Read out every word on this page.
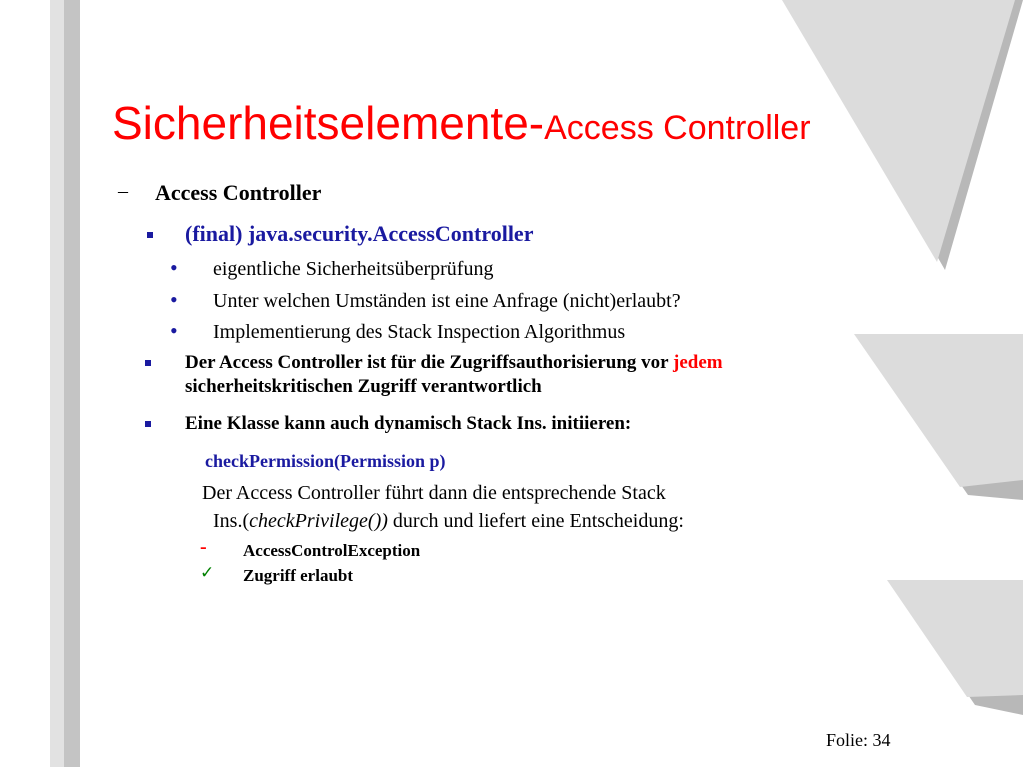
Sicherheitselemente-Access Controller
– Access Controller
(final) java.security.AccessController
• eigentliche Sicherheitsüberprüfung
• Unter welchen Umständen ist eine Anfrage (nicht)erlaubt?
• Implementierung des Stack Inspection Algorithmus
Der Access Controller ist für die Zugriffsauthorisierung vor jedem
sicherheitskritischen Zugriff verantwortlich
Eine Klasse kann auch dynamisch Stack Ins. initiieren:
checkPermission(Permission p)
Der Access Controller führt dann die entsprechende Stack
Ins.(checkPrivilege()) durch und liefert eine Entscheidung:
- AccessControlException
✓ Zugriff erlaubt
Folie: 34
